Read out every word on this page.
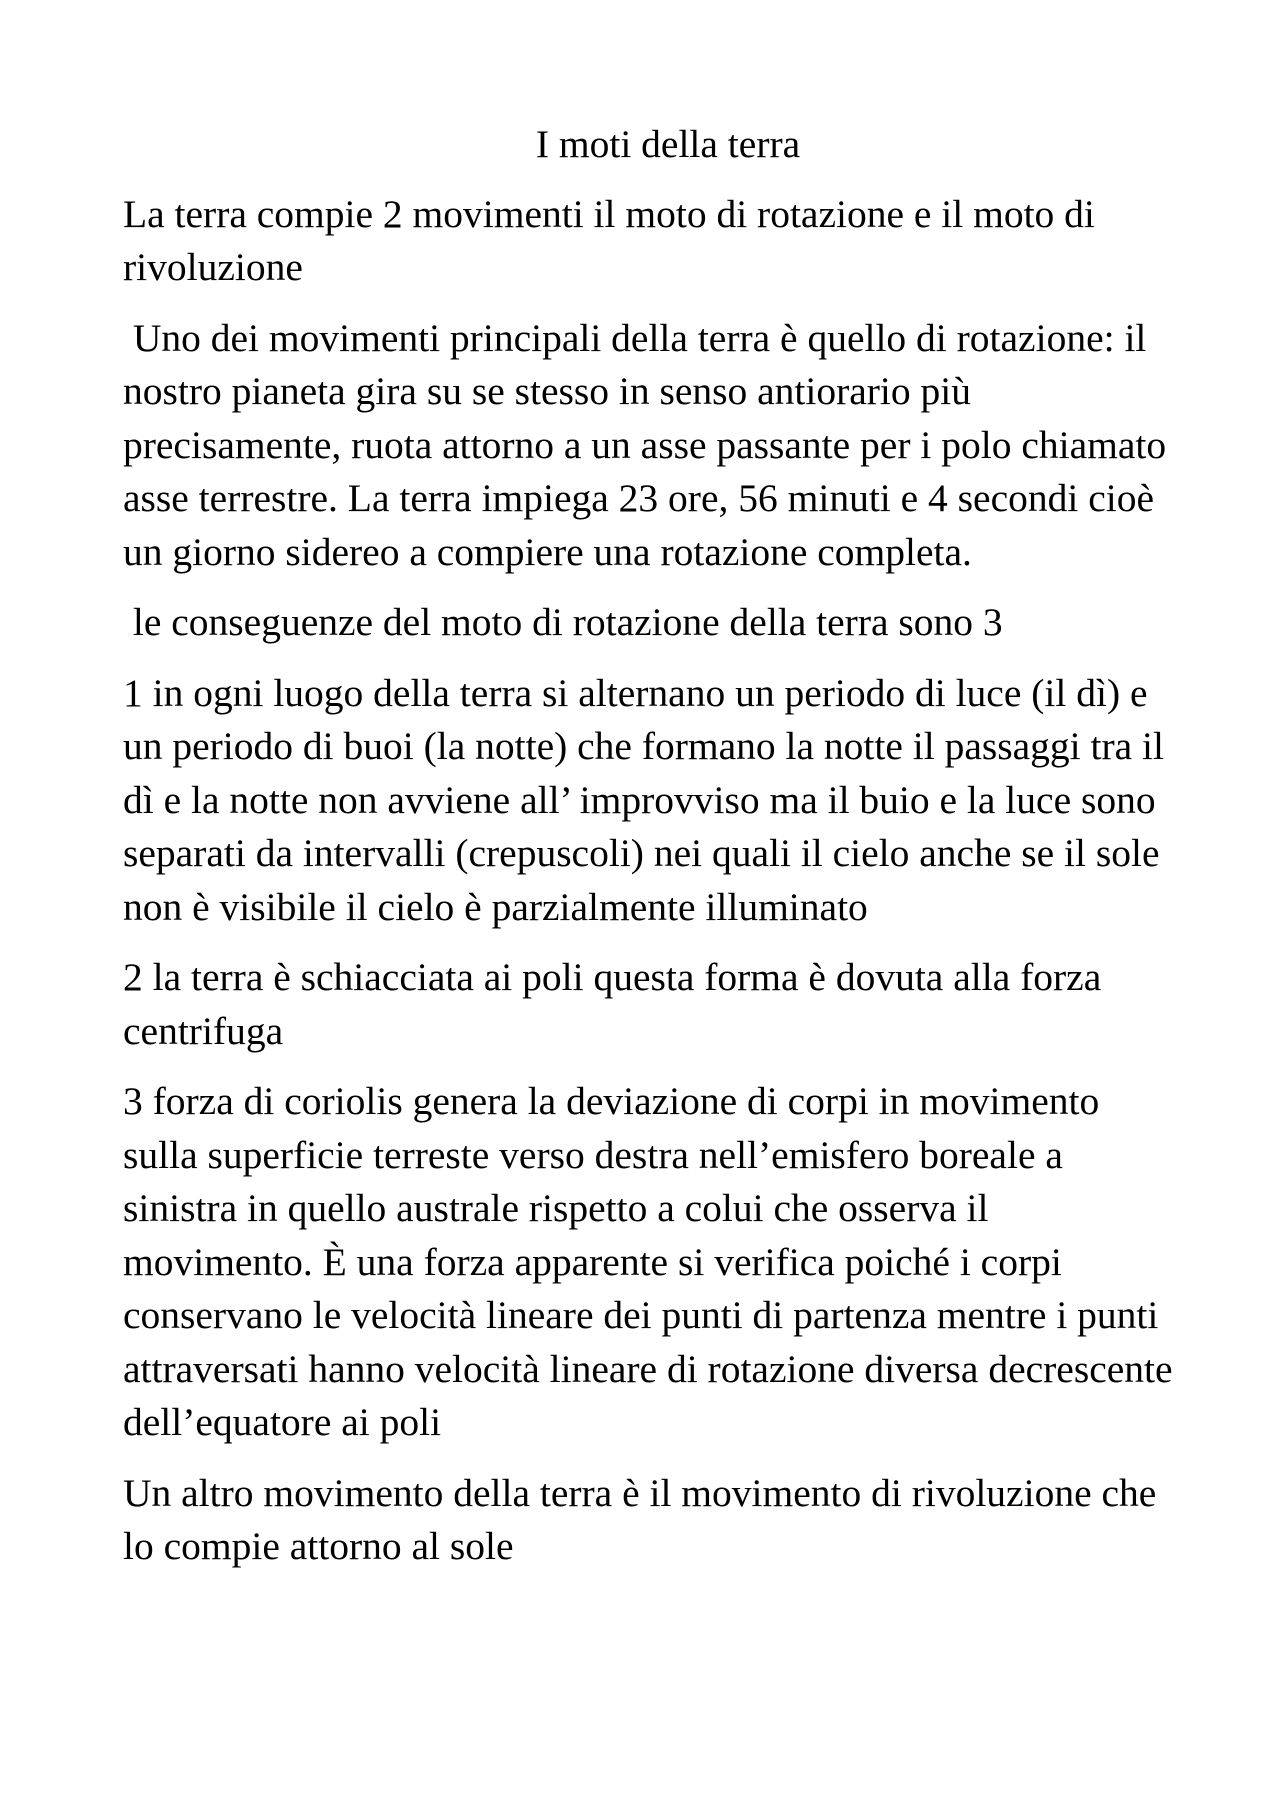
I moti della terra

La terra compie 2 movimenti il moto di rotazione e il moto di rivoluzione

Uno dei movimenti principali della terra è quello di rotazione: il nostro pianeta gira su se stesso in senso antiorario più precisamente, ruota attorno a un asse passante per i polo chiamato asse terrestre. La terra impiega 23 ore, 56 minuti e 4 secondi cioè un giorno sidereo a compiere una rotazione completa.

le conseguenze del moto di rotazione della terra sono 3

1 in ogni luogo della terra si alternano un periodo di luce (il dì) e un periodo di buoi (la notte) che formano la notte il passaggi tra il dì e la notte non avviene all’ improvviso ma il buio e la luce sono separati da intervalli (crepuscoli) nei quali il cielo anche se il sole non è visibile il cielo è parzialmente illuminato

2 la terra è schiacciata ai poli questa forma è dovuta alla forza centrifuga

3 forza di coriolis genera la deviazione di corpi in movimento sulla superficie terreste verso destra nell’emisfero boreale a sinistra in quello australe rispetto a colui che osserva il movimento. È una forza apparente si verifica poiché i corpi conservano le velocità lineare dei punti di partenza mentre i punti attraversati hanno velocità lineare di rotazione diversa decrescente dell’equatore ai poli

Un altro movimento della terra è il movimento di rivoluzione che lo compie attorno al sole
